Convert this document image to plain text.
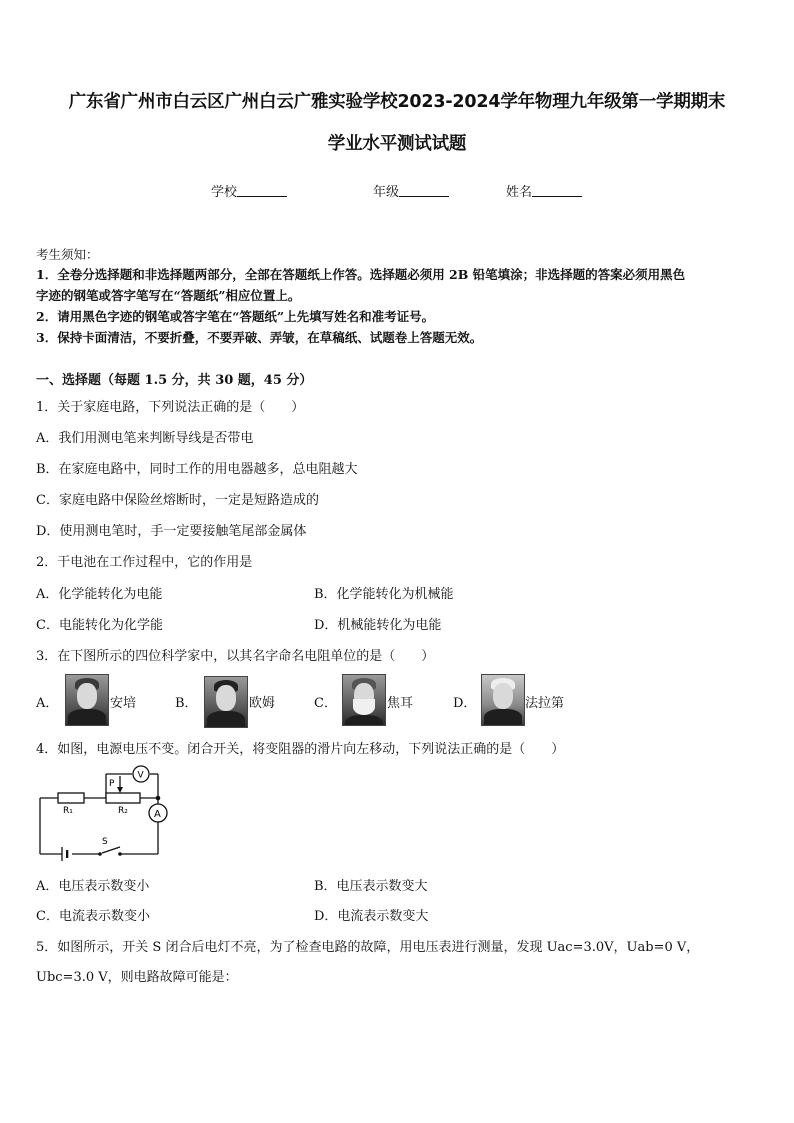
广东省广州市白云区广州白云广雅实验学校2023-2024学年物理九年级第一学期期末
学业水平测试试题
学校	年级	姓名
考生须知：
1．全卷分选择题和非选择题两部分，全部在答题纸上作答。选择题必须用 2B 铅笔填涂；非选择题的答案必须用黑色
字迹的钢笔或答字笔写在“答题纸”相应位置上。
2．请用黑色字迹的钢笔或答字笔在“答题纸”上先填写姓名和准考证号。
3．保持卡面清洁，不要折叠，不要弄破、弄皱，在草稿纸、试题卷上答题无效。
一、选择题（每题 1.5 分，共 30 题，45 分）
1．关于家庭电路，下列说法正确的是（　　）
A．我们用测电笔来判断导线是否带电
B．在家庭电路中，同时工作的用电器越多，总电阻越大
C．家庭电路中保险丝熔断时，一定是短路造成的
D．使用测电笔时，手一定要接触笔尾部金属体
2．干电池在工作过程中，它的作用是
A．化学能转化为电能	B．化学能转化为机械能
C．电能转化为化学能	D．机械能转化为电能
3．在下图所示的四位科学家中，以其名字命名电阻单位的是（　　）
A．	安培	B．	欧姆	C．	焦耳	D．	法拉第
4．如图，电源电压不变。闭合开关，将变阻器的滑片向左移动，下列说法正确的是（　　）
R₁	R₂
P
V
A
S
A．电压表示数变小	B．电压表示数变大
C．电流表示数变小	D．电流表示数变大
5．如图所示，开关 S 闭合后电灯不亮，为了检查电路的故障，用电压表进行测量，发现 Uac=3.0V，Uab=0 V，
Ubc=3.0 V，则电路故障可能是：
